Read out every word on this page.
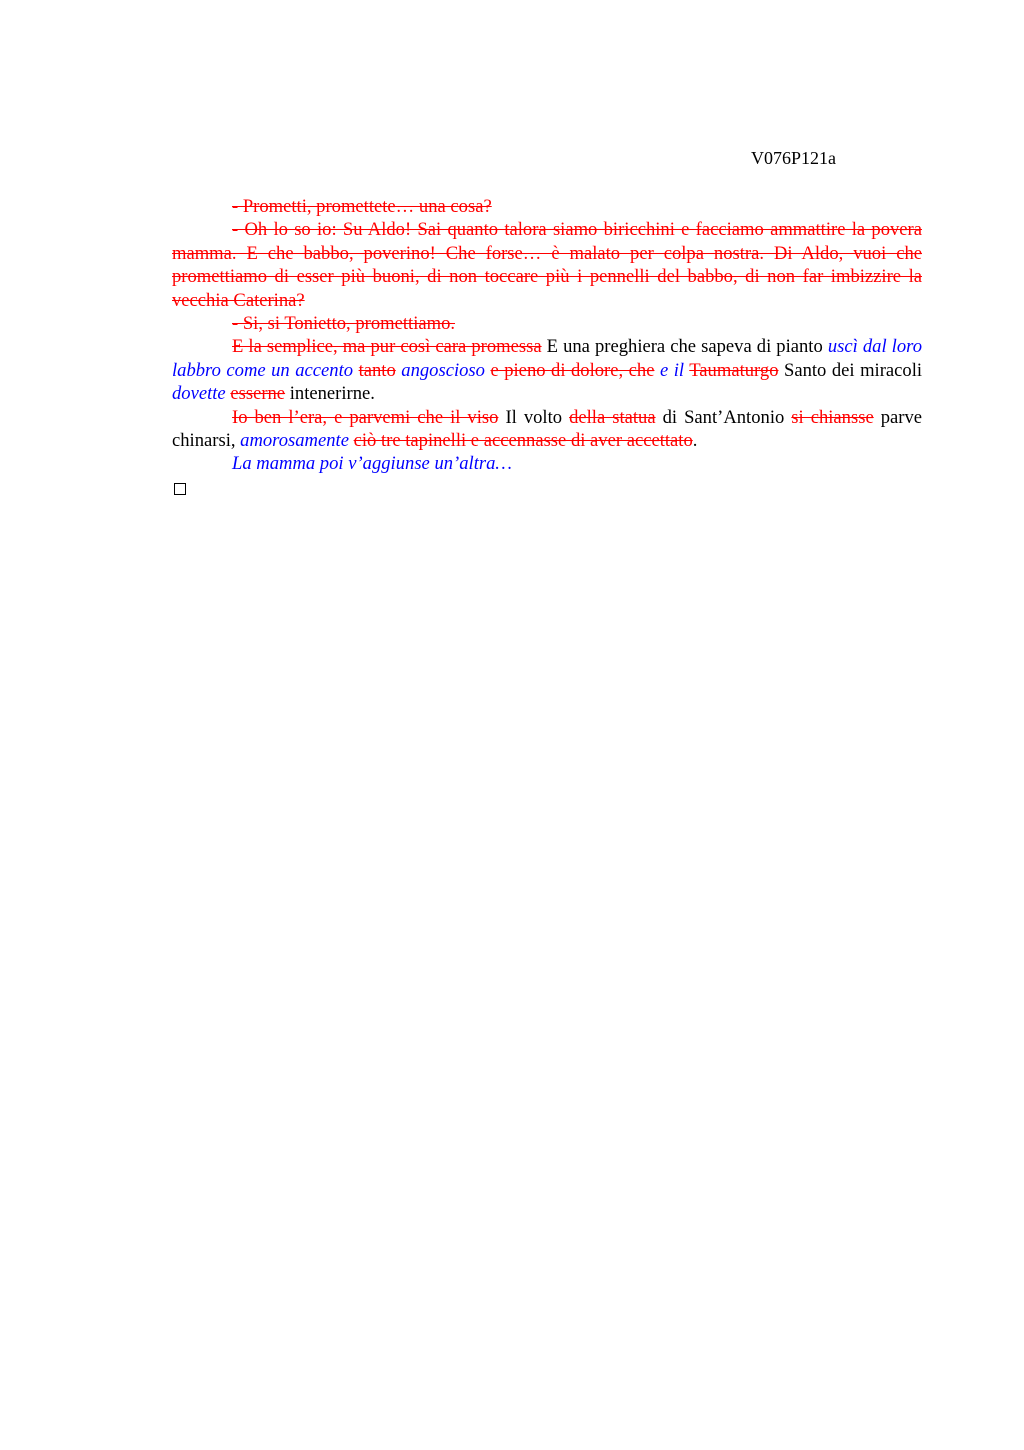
V076P121a

- Prometti, promettete… una cosa?

- Oh lo so io: Su Aldo! Sai quanto talora siamo biricchini e facciamo ammattire la povera mamma. E che babbo, poverino! Che forse… è malato per colpa nostra. Di Aldo, vuoi che promettiamo di esser più buoni, di non toccare più i pennelli del babbo, di non far imbizzire la vecchia Caterina?

- Si, si Tonietto, promettiamo.

E la semplice, ma pur così cara promessa E una preghiera che sapeva di pianto uscì dal loro labbro come un accento tanto angoscioso e pieno di dolore, che e il Taumaturgo Santo dei miracoli dovette esserne intenerirne.

Io ben l’era, e parvemi che il viso Il volto della statua di Sant’Antonio si chiansse parve chinarsi, amorosamente ciò tre tapinelli e accennasse di aver accettato.

La mamma poi v’aggiunse un’altra…
